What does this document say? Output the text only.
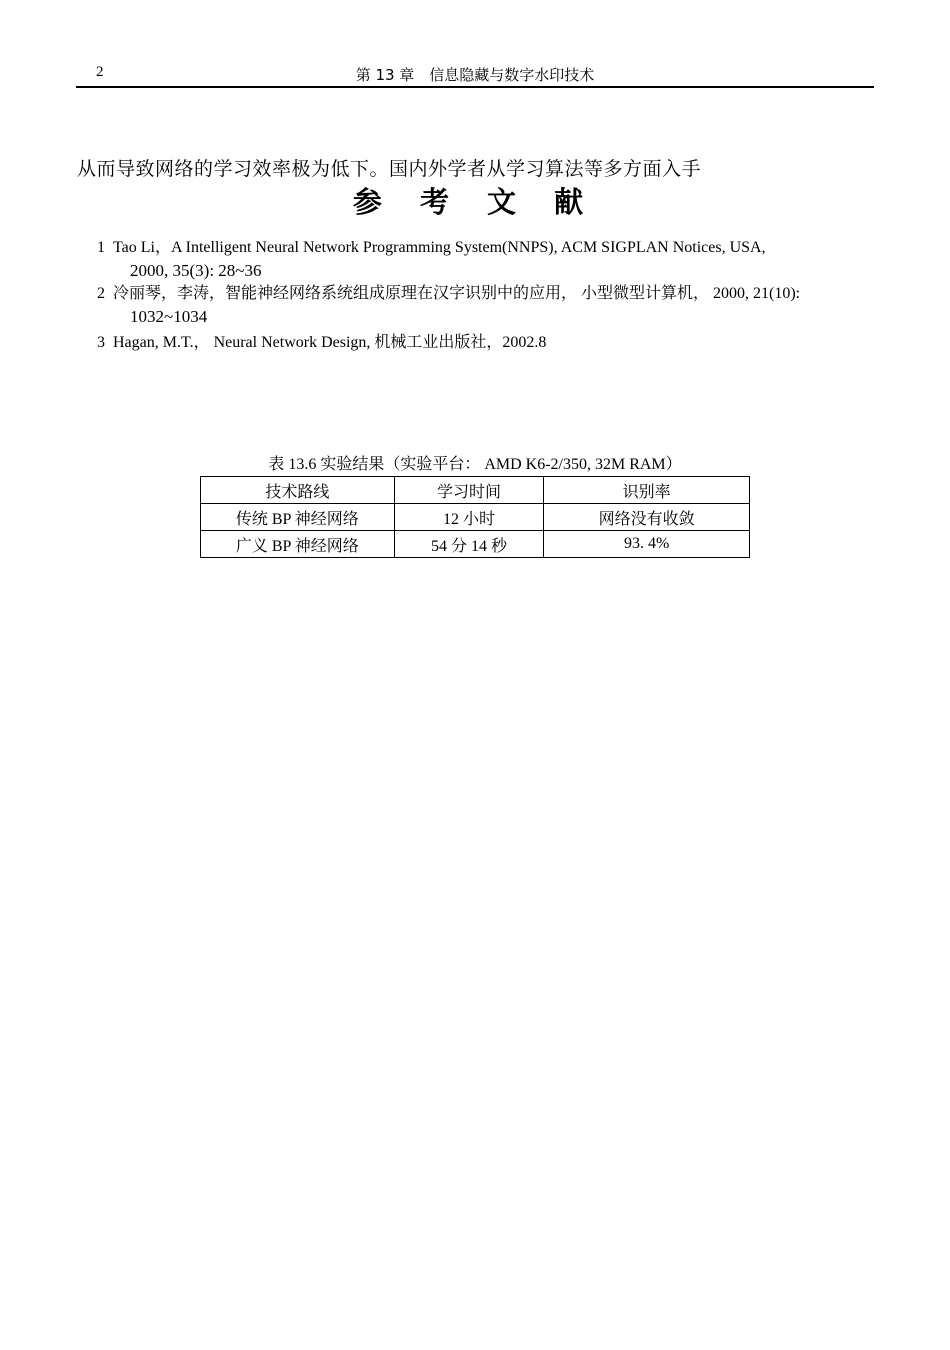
2	第 13 章　信息隐藏与数字水印技术
从而导致网络的学习效率极为低下。国内外学者从学习算法等多方面入手
参 考 文 献
1 Tao Li，A Intelligent Neural Network Programming System(NNPS), ACM SIGPLAN Notices, USA,
2000, 35(3): 28~36
2 冷丽琴，李涛，智能神经网络系统组成原理在汉字识别中的应用， 小型微型计算机， 2000, 21(10):
1032~1034
3 Hagan, M.T.， Neural Network Design, 机械工业出版社，2002.8
表 13.6 实验结果（实验平台： AMD K6-2/350, 32M RAM）
技术路线	学习时间	识别率
传统 BP 神经网络	12 小时	网络没有收敛
广义 BP 神经网络	54 分 14 秒	93. 4%
